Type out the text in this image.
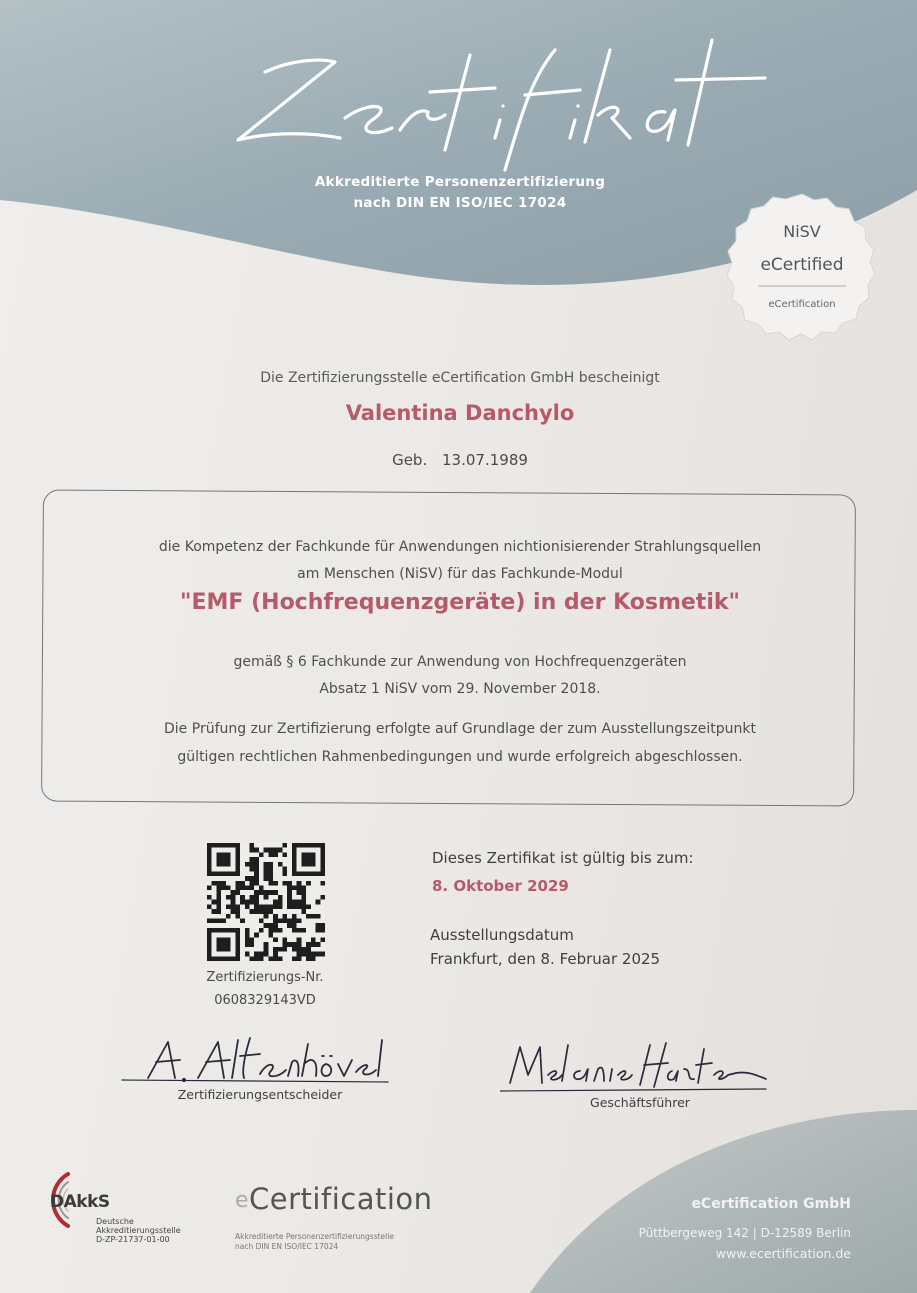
Akkreditierte Personenzertifizierung
nach DIN EN ISO/IEC 17024
NiSV
eCertified
eCertification
Die Zertifizierungsstelle eCertification GmbH bescheinigt
Valentina Danchylo
Geb. 13.07.1989
die Kompetenz der Fachkunde für Anwendungen nichtionisierender Strahlungsquellen
am Menschen (NiSV) für das Fachkunde-Modul
"EMF (Hochfrequenzgeräte) in der Kosmetik"
gemäß § 6 Fachkunde zur Anwendung von Hochfrequenzgeräten
Absatz 1 NiSV vom 29. November 2018.
Die Prüfung zur Zertifizierung erfolgte auf Grundlage der zum Ausstellungszeitpunkt
gültigen rechtlichen Rahmenbedingungen und wurde erfolgreich abgeschlossen.
Zertifizierungs-Nr.
0608329143VD
Dieses Zertifikat ist gültig bis zum:
8. Oktober 2029
Ausstellungsdatum
Frankfurt, den 8. Februar 2025
Zertifizierungsentscheider
Geschäftsführer
DAkkS
Deutsche
Akkreditierungsstelle
D-ZP-21737-01-00
eCertification
Akkreditierte Personenzertifizierungsstelle
nach DIN EN ISO/IEC 17024
eCertification GmbH
Püttbergeweg 142 | D-12589 Berlin
www.ecertification.de
